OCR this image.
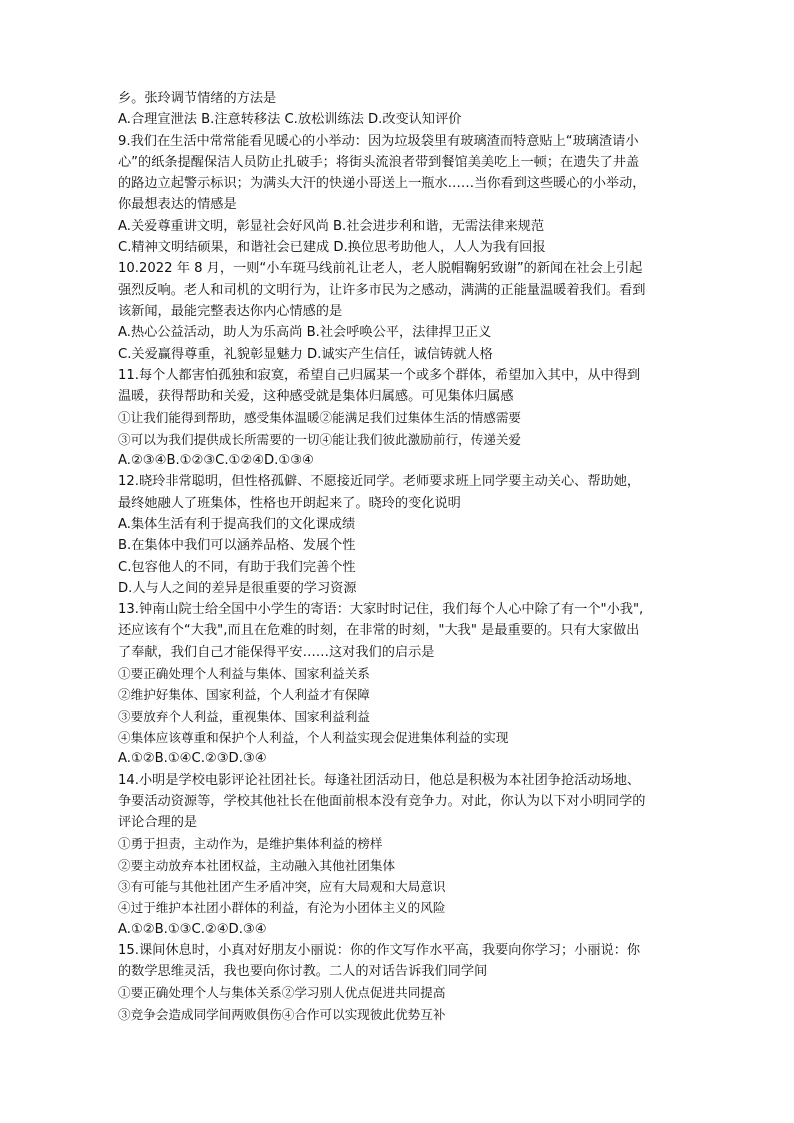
乡。张玲调节情绪的方法是
A.合理宣泄法 B.注意转移法 C.放松训练法 D.改变认知评价
9.我们在生活中常常能看见暖心的小举动：因为垃圾袋里有玻璃渣而特意贴上“玻璃渣请小
心”的纸条提醒保洁人员防止扎破手；将街头流浪者带到餐馆美美吃上一顿；在遗失了井盖
的路边立起警示标识；为满头大汗的快递小哥送上一瓶水……当你看到这些暖心的小举动，
你最想表达的情感是
A.关爱尊重讲文明，彰显社会好风尚 B.社会进步利和谐，无需法律来规范
C.精神文明结硕果，和谐社会已建成 D.换位思考助他人，人人为我有回报
10.2022 年 8 月，一则“小车斑马线前礼让老人，老人脱帽鞠躬致谢”的新闻在社会上引起
强烈反响。老人和司机的文明行为，让许多市民为之感动，满满的正能量温暖着我们。看到
该新闻，最能完整表达你内心情感的是
A.热心公益活动，助人为乐高尚 B.社会呼唤公平，法律捍卫正义
C.关爱赢得尊重，礼貌彰显魅力 D.诚实产生信任，诚信铸就人格
11.每个人都害怕孤独和寂寞，希望自己归属某一个或多个群体，希望加入其中，从中得到
温暖，获得帮助和关爱，这种感受就是集体归属感。可见集体归属感
①让我们能得到帮助，感受集体温暖②能满足我们过集体生活的情感需要
③可以为我们提供成长所需要的一切④能让我们彼此激励前行，传递关爱
A.②③④B.①②③C.①②④D.①③④
12.晓玲非常聪明，但性格孤僻、不愿接近同学。老师要求班上同学要主动关心、帮助她，
最终她融人了班集体，性格也开朗起来了。晓玲的变化说明
A.集体生活有利于提高我们的文化课成绩
B.在集体中我们可以涵养品格、发展个性
C.包容他人的不同，有助于我们完善个性
D.人与人之间的差异是很重要的学习资源
13.钟南山院士给全国中小学生的寄语：大家时时记住，我们每个人心中除了有一个"小我",
还应该有个“大我",而且在危难的时刻，在非常的时刻，"大我" 是最重要的。只有大家做出
了奉献，我们自己才能保得平安……这对我们的启示是
①要正确处理个人利益与集体、国家利益关系
②维护好集体、国家利益，个人利益才有保障
③要放弃个人利益，重视集体、国家利益利益
④集体应该尊重和保护个人利益，个人利益实现会促进集体利益的实现
A.①②B.①④C.②③D.③④
14.小明是学校电影评论社团社长。每逢社团活动日，他总是积极为本社团争抢活动场地、
争要活动资源等，学校其他社长在他面前根本没有竞争力。对此，你认为以下对小明同学的
评论合理的是
①勇于担责，主动作为，是维护集体利益的榜样
②要主动放弃本社团权益，主动融入其他社团集体
③有可能与其他社团产生矛盾冲突，应有大局观和大局意识
④过于维护本社团小群体的利益，有沦为小团体主义的风险
A.①②B.①③C.②④D.③④
15.课间休息时，小真对好朋友小丽说：你的作文写作水平高，我要向你学习；小丽说：你
的数学思维灵活，我也要向你讨教。二人的对话告诉我们同学间
①要正确处理个人与集体关系②学习别人优点促进共同提高
③竞争会造成同学间两败俱伤④合作可以实现彼此优势互补
